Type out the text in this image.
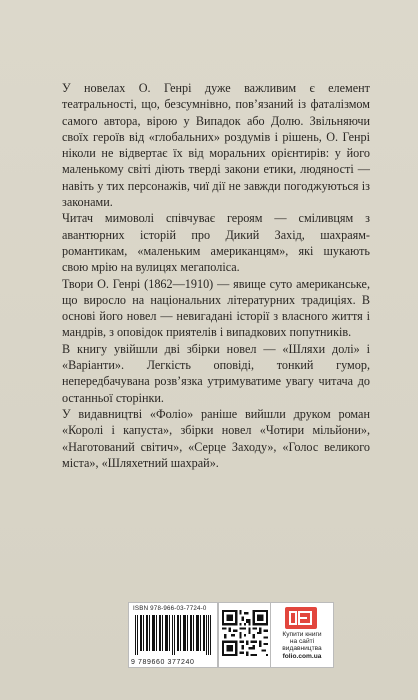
У новелах О. Генрі дуже важливим є елемент театральності, що, безсумнівно, пов’язаний із фаталізмом самого автора, вірою у Випадок або Долю. Звільняючи своїх героїв від «глобальних» роздумів і рішень, О. Генрі ніколи не відвертає їх від моральних орієнтирів: у його маленькому світі діють тверді закони етики, людяності — навіть у тих персонажів, чиї дії не завжди погоджуються із законами.

Читач мимоволі співчуває героям — сміливцям з авантюрних історій про Дикий Захід, шахраям-романтикам, «маленьким американцям», які шукають свою мрію на вулицях мегаполіса.

Твори О. Генрі (1862—1910) — явище суто американське, що виросло на національних літературних традиціях. В основі його новел — невигадані історії з власного життя і мандрів, з оповідок приятелів і випадкових попутників.

В книгу увійшли дві збірки новел — «Шляхи долі» і «Варіанти». Легкість оповіді, тонкий гумор, непередбачувана розв’язка утримуватиме увагу читача до останньої сторінки.

У видавництві «Фоліо» раніше вийшли друком роман «Королі і капуста», збірки новел «Чотири мільйони», «Наготований світич», «Серце Заходу», «Голос великого міста», «Шляхетний шахрай».

ISBN 978-966-03-7724-0
9 789660 377240
Купити книги
на сайті
видавництва
folio.com.ua
